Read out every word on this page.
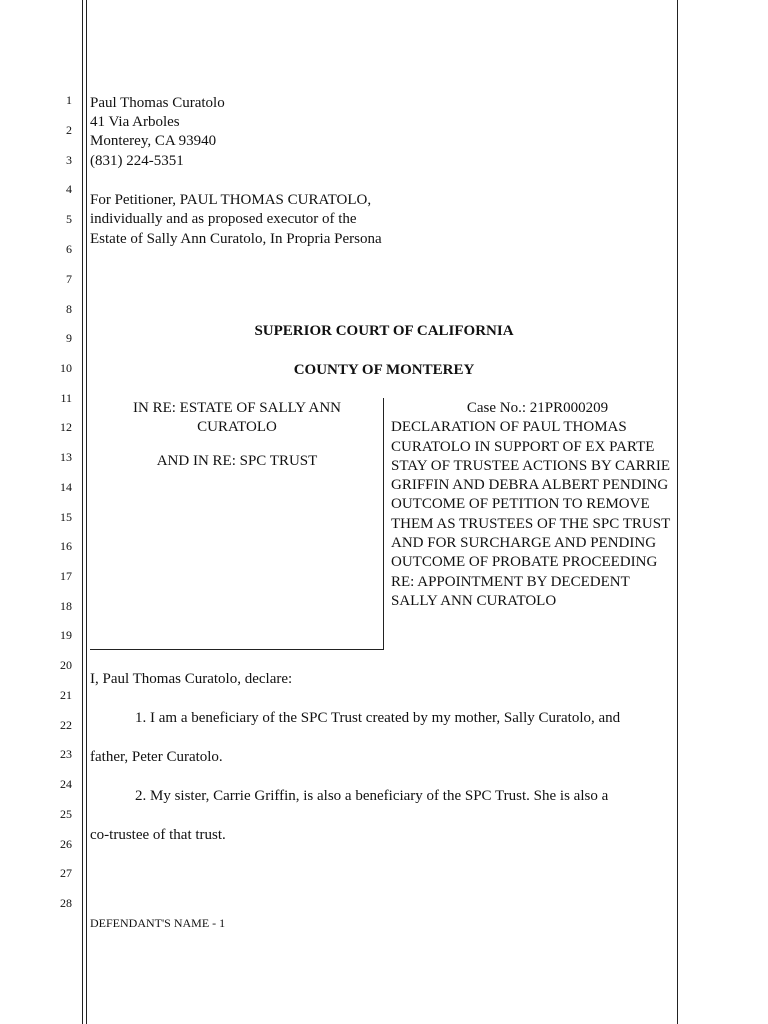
1
2
3
4
5
6
7
8
9
10
11
12
13
14
15
16
17
18
19
20
21
22
23
24
25
26
27
28
Paul Thomas Curatolo
41 Via Arboles
Monterey, CA 93940
(831) 224-5351
For Petitioner, PAUL THOMAS CURATOLO,
individually and as proposed executor of the
Estate of Sally Ann Curatolo, In Propria Persona
SUPERIOR COURT OF CALIFORNIA
COUNTY OF MONTEREY
IN RE: ESTATE OF SALLY ANN
CURATOLO
AND IN RE: SPC TRUST
Case No.: 21PR000209
DECLARATION OF PAUL THOMAS CURATOLO IN SUPPORT OF EX PARTE STAY OF TRUSTEE ACTIONS BY CARRIE GRIFFIN AND DEBRA ALBERT PENDING OUTCOME OF PETITION TO REMOVE THEM AS TRUSTEES OF THE SPC TRUST AND FOR SURCHARGE AND PENDING OUTCOME OF PROBATE PROCEEDING RE: APPOINTMENT BY DECEDENT SALLY ANN CURATOLO
I, Paul Thomas Curatolo, declare:
1. I am a beneficiary of the SPC Trust created by my mother, Sally Curatolo, and
father, Peter Curatolo.
2. My sister, Carrie Griffin, is also a beneficiary of the SPC Trust. She is also a
co-trustee of that trust.
DEFENDANT'S NAME - 1
